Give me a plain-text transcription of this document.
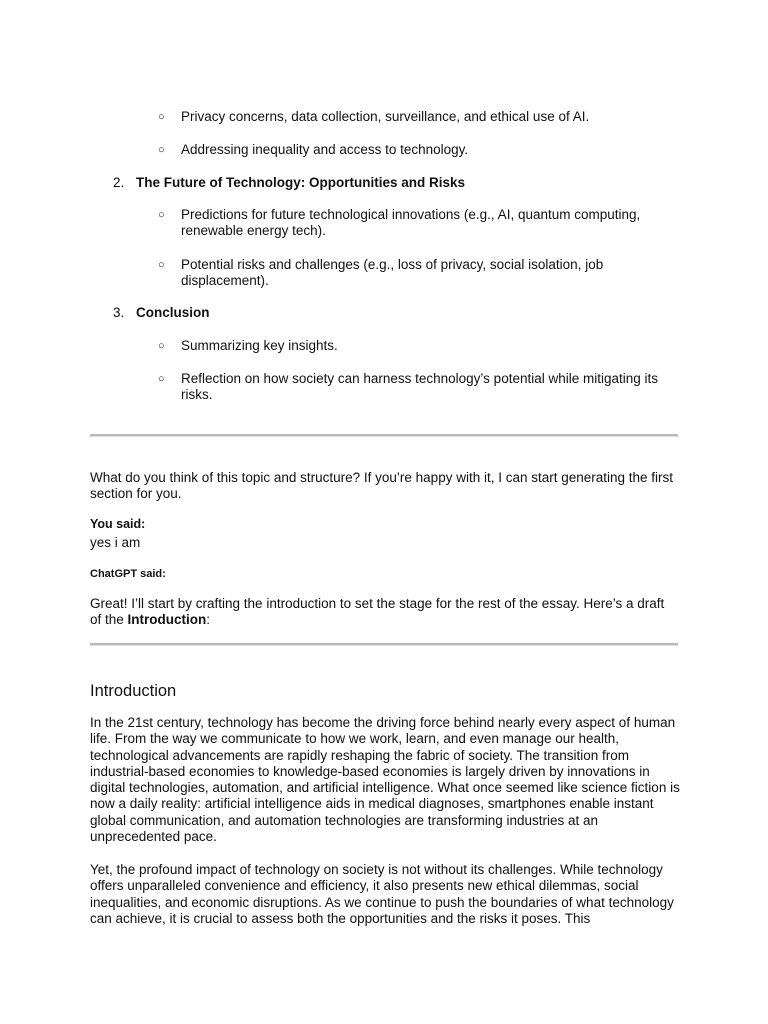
○ Privacy concerns, data collection, surveillance, and ethical use of AI.
○ Addressing inequality and access to technology.
2. The Future of Technology: Opportunities and Risks
○ Predictions for future technological innovations (e.g., AI, quantum computing, renewable energy tech).
○ Potential risks and challenges (e.g., loss of privacy, social isolation, job displacement).
3. Conclusion
○ Summarizing key insights.
○ Reflection on how society can harness technology’s potential while mitigating its risks.
What do you think of this topic and structure? If you’re happy with it, I can start generating the first section for you.
You said:
yes i am
ChatGPT said:
Great! I’ll start by crafting the introduction to set the stage for the rest of the essay. Here’s a draft of the Introduction:
Introduction
In the 21st century, technology has become the driving force behind nearly every aspect of human life. From the way we communicate to how we work, learn, and even manage our health, technological advancements are rapidly reshaping the fabric of society. The transition from industrial-based economies to knowledge-based economies is largely driven by innovations in digital technologies, automation, and artificial intelligence. What once seemed like science fiction is now a daily reality: artificial intelligence aids in medical diagnoses, smartphones enable instant global communication, and automation technologies are transforming industries at an unprecedented pace.
Yet, the profound impact of technology on society is not without its challenges. While technology offers unparalleled convenience and efficiency, it also presents new ethical dilemmas, social inequalities, and economic disruptions. As we continue to push the boundaries of what technology can achieve, it is crucial to assess both the opportunities and the risks it poses. This
